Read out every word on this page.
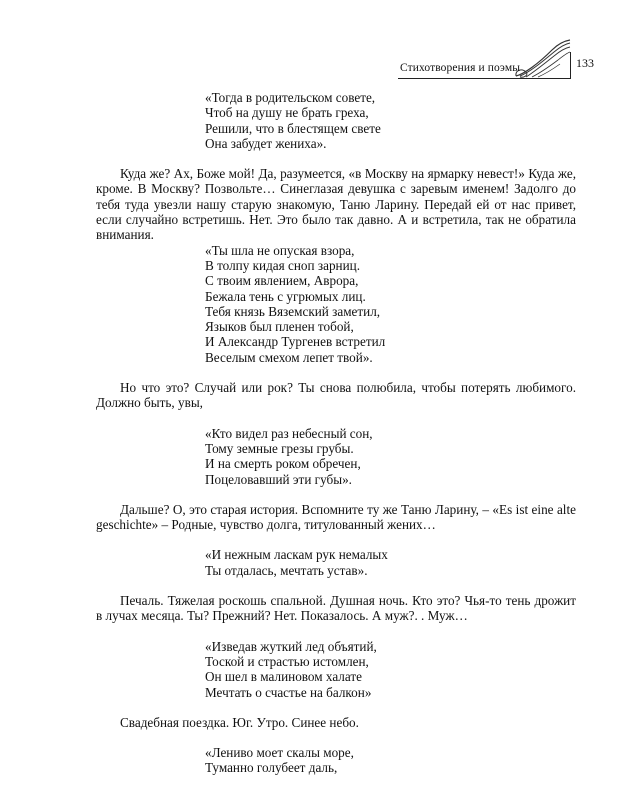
Стихотворения и поэмы	133
«Тогда в родительском совете,
Чтоб на душу не брать греха,
Решили, что в блестящем свете
Она забудет жениха».

Куда же? Ах, Боже мой! Да, разумеется, «в Москву на ярмарку невест!» Куда же, кроме. В Москву? Позвольте… Синеглазая девушка с заревым именем! Задолго до тебя туда увезли нашу старую знакомую, Таню Ларину. Передай ей от нас привет, если случайно встретишь. Нет. Это было так давно. А и встретила, так не обратила внимания.

«Ты шла не опуская взора,
В толпу кидая сноп зарниц.
С твоим явлением, Аврора,
Бежала тень с угрюмых лиц.
Тебя князь Вяземский заметил,
Языков был пленен тобой,
И Александр Тургенев встретил
Веселым смехом лепет твой».

Но что это? Случай или рок? Ты снова полюбила, чтобы потерять любимого. Должно быть, увы,

«Кто видел раз небесный сон,
Тому земные грезы грубы.
И на смерть роком обречен,
Поцеловавший эти губы».

Дальше? О, это старая история. Вспомните ту же Таню Ларину, – «Es ist eine alte geschichte» – Родные, чувство долга, титулованный жених…

«И нежным ласкам рук немалых
Ты отдалась, мечтать устав».

Печаль. Тяжелая роскошь спальной. Душная ночь. Кто это? Чья-то тень дрожит в лучах месяца. Ты? Прежний? Нет. Показалось. А муж?. . Муж…

«Изведав жуткий лед объятий,
Тоской и страстью истомлен,
Он шел в малиновом халате
Мечтать о счастье на балкон»

Свадебная поездка. Юг. Утро. Синее небо.

«Лениво моет скалы море,
Туманно голубеет даль,
